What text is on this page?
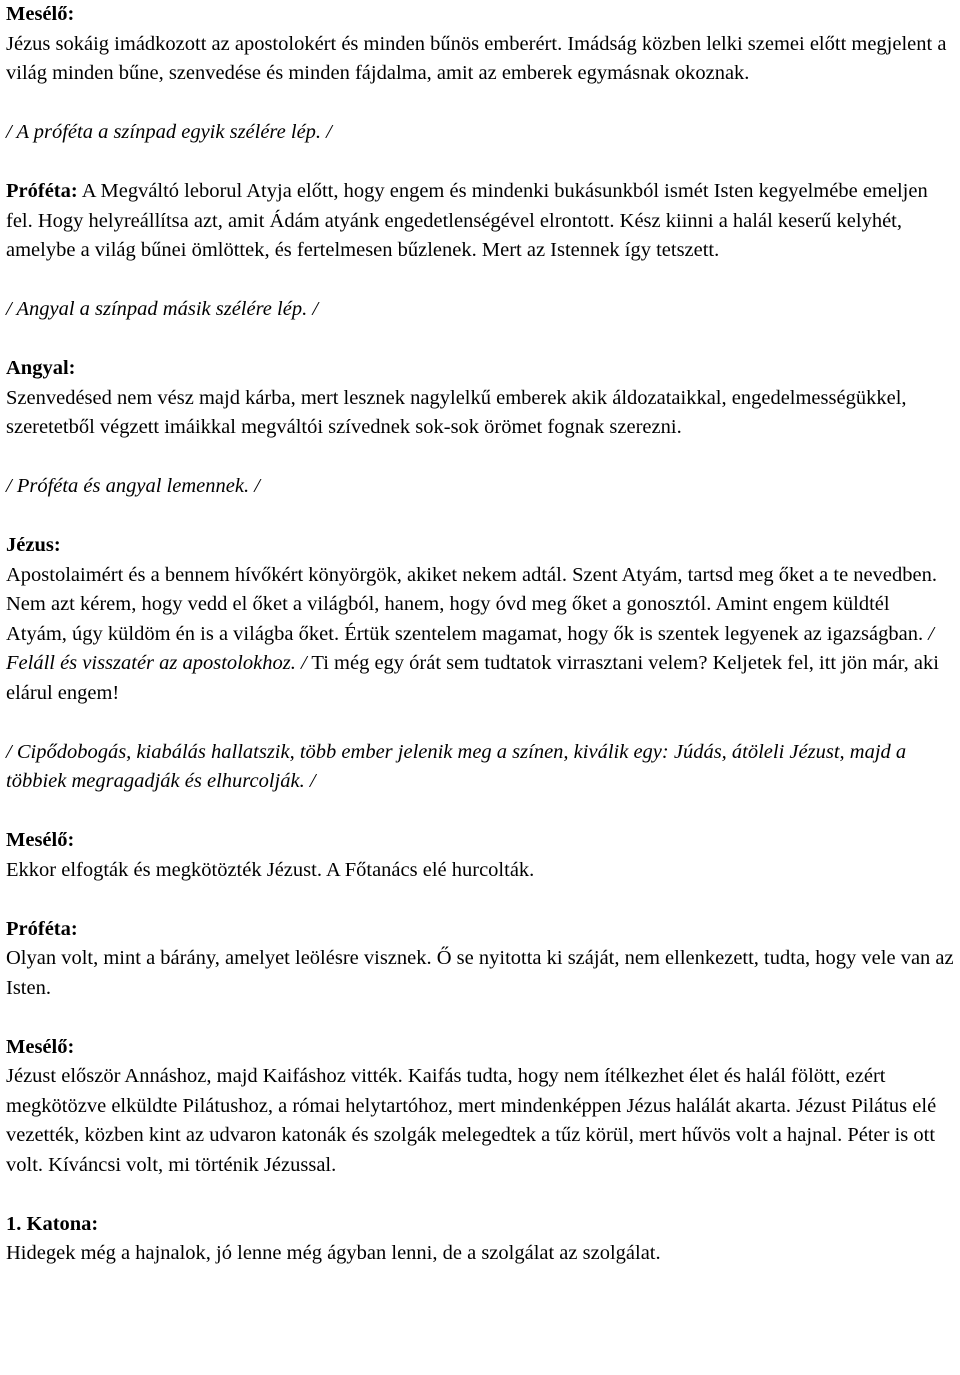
Mesélő:

Jézus sokáig imádkozott az apostolokért és minden bűnös emberért. Imádság közben lelki szemei előtt megjelent a világ minden bűne, szenvedése és minden fájdalma, amit az emberek egymásnak okoznak.

/ A próféta a színpad egyik szélére lép. /

Próféta: A Megváltó leborul Atyja előtt, hogy engem és mindenki bukásunkból ismét Isten kegyelmébe emeljen fel. Hogy helyreállítsa azt, amit Ádám atyánk engedetlenségével elrontott. Kész kiinni a halál keserű kelyhét, amelybe a világ bűnei ömlöttek, és fertelmesen bűzlenek. Mert az Istennek így tetszett.

/ Angyal a színpad másik szélére lép. /

Angyal:

Szenvedésed nem vész majd kárba, mert lesznek nagylelkű emberek akik áldozataikkal, engedelmességükkel, szeretetből végzett imáikkal megváltói szívednek sok-sok örömet fognak szerezni.

/ Próféta és angyal lemennek. /

Jézus:

Apostolaimért és a bennem hívőkért könyörgök, akiket nekem adtál. Szent Atyám, tartsd meg őket a te nevedben. Nem azt kérem, hogy vedd el őket a világból, hanem, hogy óvd meg őket a gonosztól. Amint engem küldtél Atyám, úgy küldöm én is a világba őket. Értük szentelem magamat, hogy ők is szentek legyenek az igazságban. / Feláll és visszatér az apostolokhoz. / Ti még egy órát sem tudtatok virrasztani velem? Keljetek fel, itt jön már, aki elárul engem!

/ Cipődobogás, kiabálás hallatszik, több ember jelenik meg a színen, kiválik egy: Júdás, átöleli Jézust, majd a többiek megragadják és elhurcolják. /

Mesélő:

Ekkor elfogták és megkötözték Jézust. A Főtanács elé hurcolták.

Próféta:

Olyan volt, mint a bárány, amelyet leölésre visznek. Ő se nyitotta ki száját, nem ellenkezett, tudta, hogy vele van az Isten.

Mesélő:

Jézust először Annáshoz, majd Kaifáshoz vitték. Kaifás tudta, hogy nem ítélkezhet élet és halál fölött, ezért megkötözve elküldte Pilátushoz, a római helytartóhoz, mert mindenképpen Jézus halálát akarta. Jézust Pilátus elé vezették, közben kint az udvaron katonák és szolgák melegedtek a tűz körül, mert hűvös volt a hajnal. Péter is ott volt. Kíváncsi volt, mi történik Jézussal.

1. Katona:

Hidegek még a hajnalok, jó lenne még ágyban lenni, de a szolgálat az szolgálat.
